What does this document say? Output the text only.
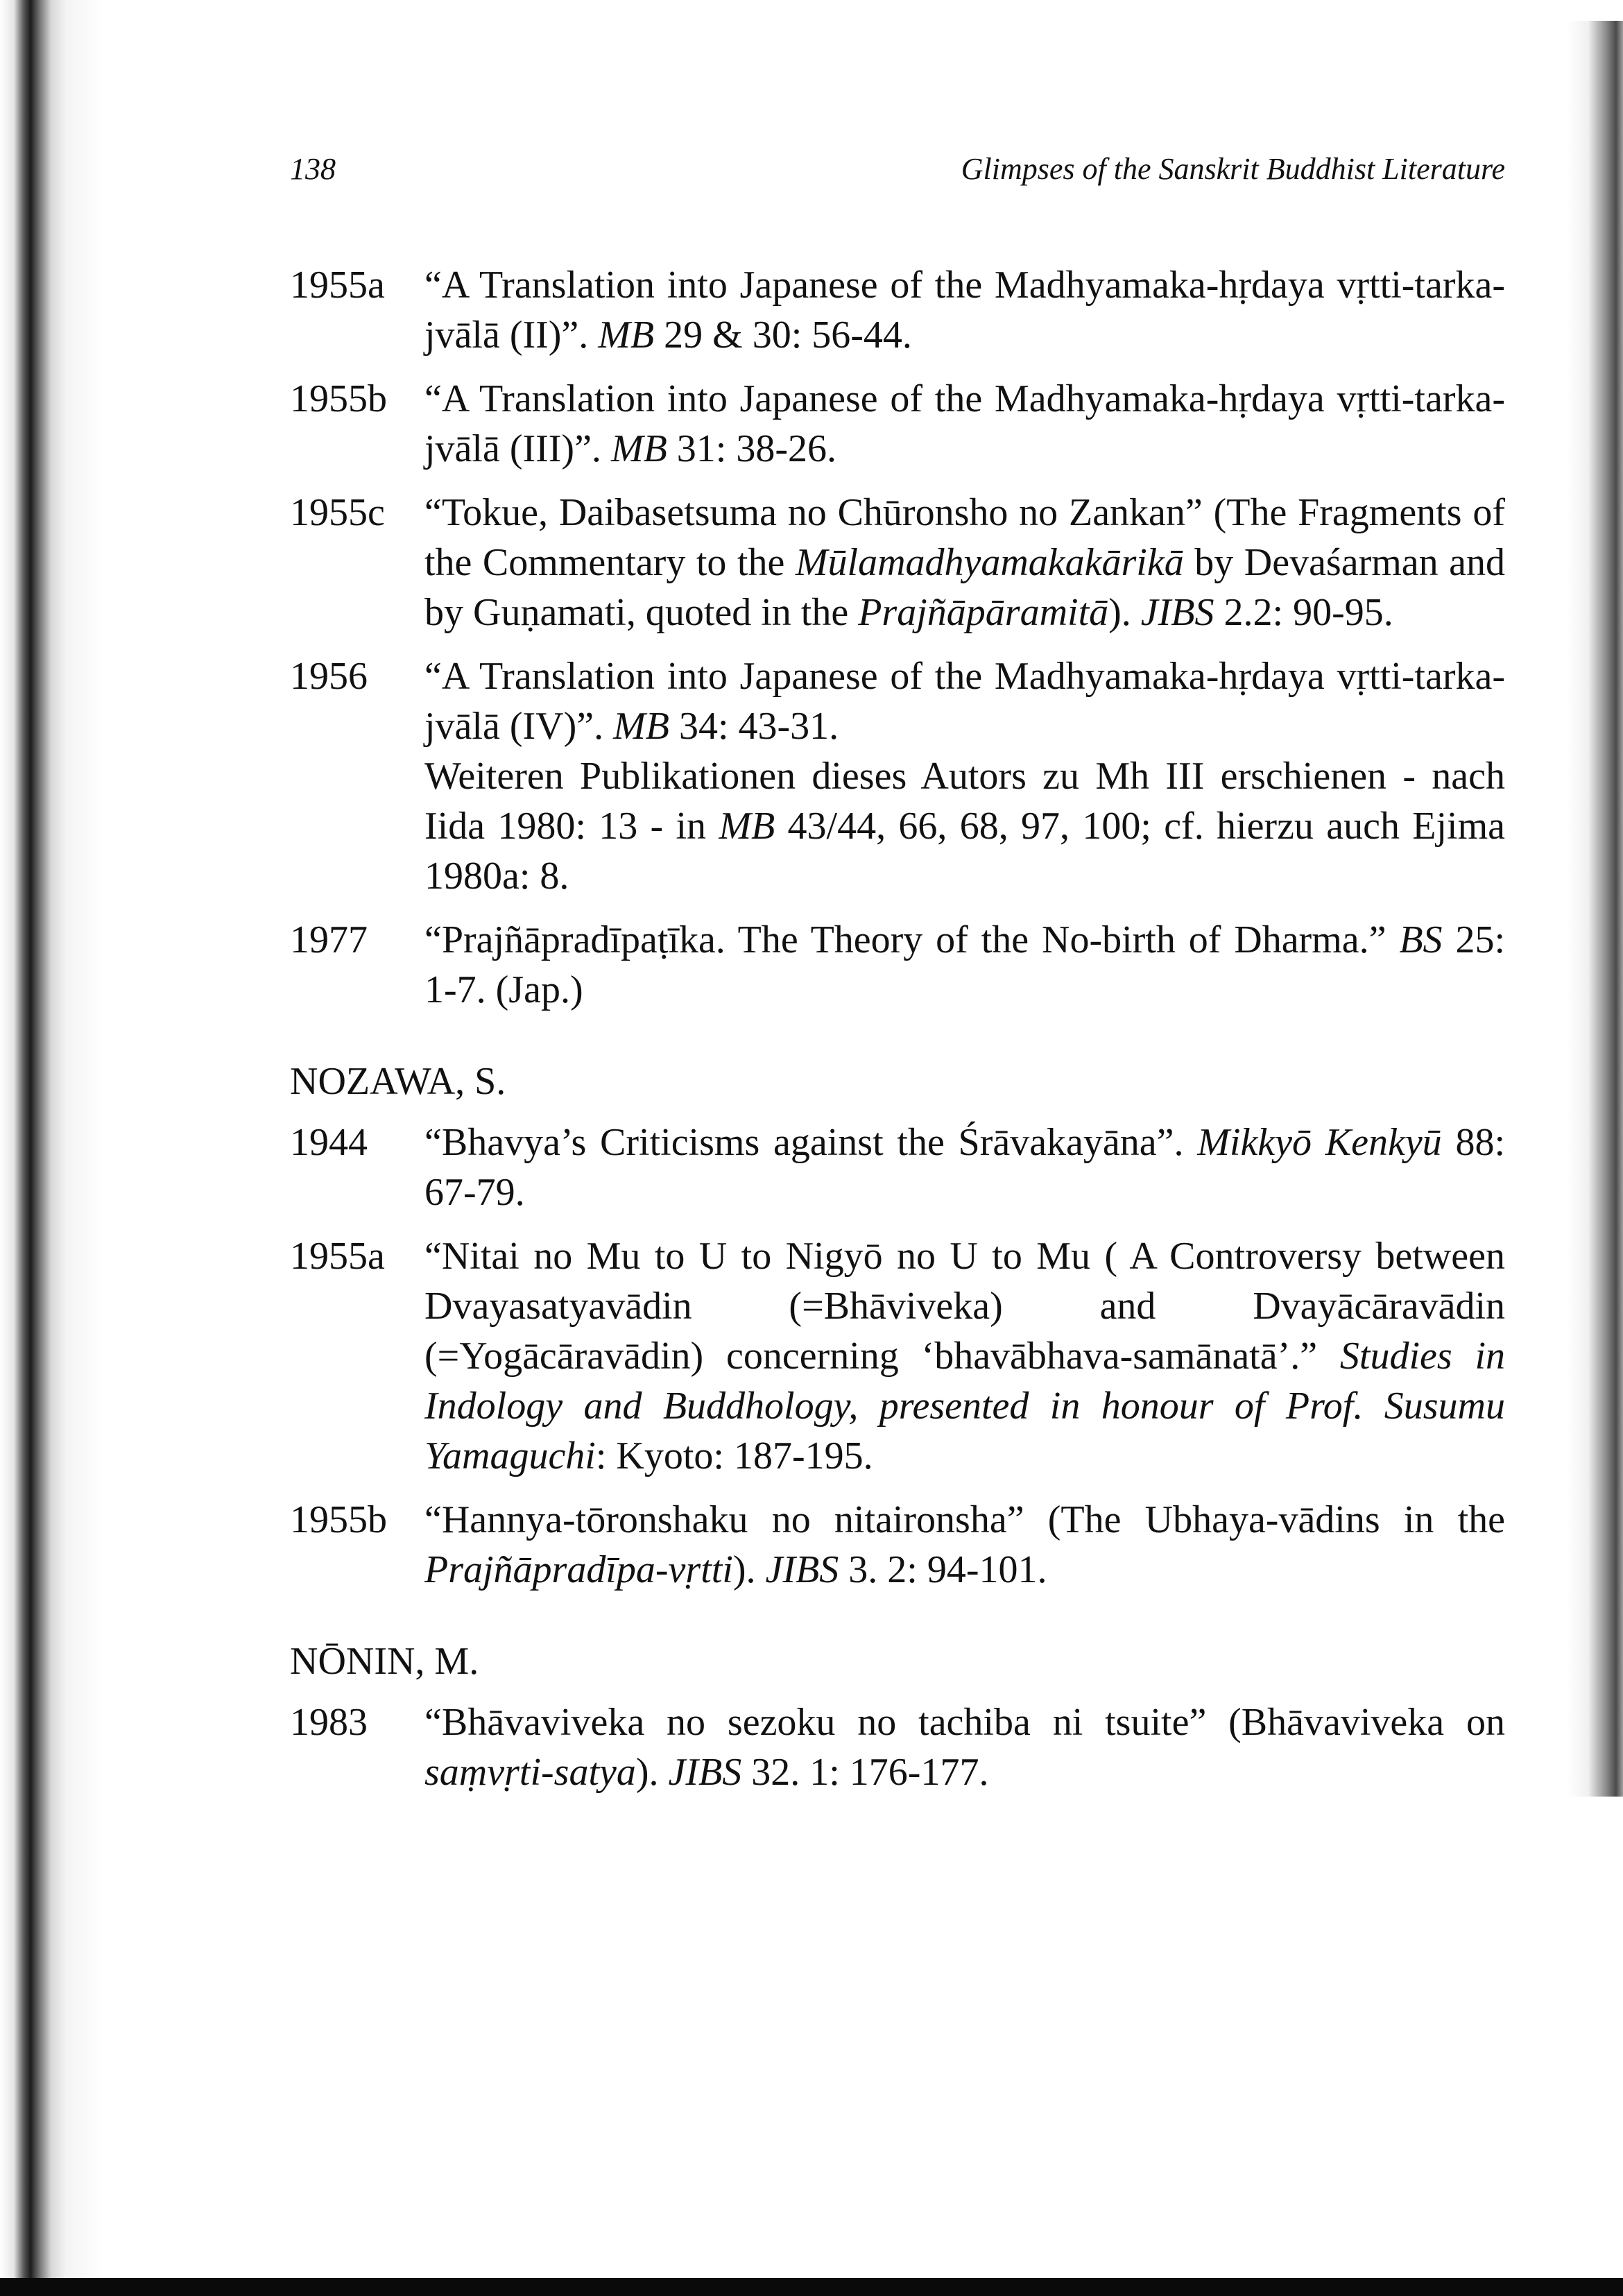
138	Glimpses of the Sanskrit Buddhist Literature
1955a	“A Translation into Japanese of the Madhyamaka-hṛdaya vṛtti-tarka-jvālā (II)”. MB 29 & 30: 56-44.
1955b “A Translation into Japanese of the Madhyamaka-hṛdaya vṛtti-tarka-jvālā (III)”. MB 31: 38-26.
1955c	“Tokue, Daibasetsuma no Chūronsho no Zankan” (The Fragments of the Commentary to the Mūlamadhyamakakārikā by Devaśarman and by Guṇamati, quoted in the Prajñāpāramitā). JIBS 2.2: 90-95.
1956	“A Translation into Japanese of the Madhyamaka-hṛdaya vṛtti-tarka-jvālā (IV)”. MB 34: 43-31.
Weiteren Publikationen dieses Autors zu Mh III erschienen - nach Iida 1980: 13 - in MB 43/44, 66, 68, 97, 100; cf. hierzu auch Ejima 1980a: 8.
1977	“Prajñāpradīpaṭīka. The Theory of the No-birth of Dharma.” BS 25: 1-7. (Jap.)
NOZAWA, S.
1944	“Bhavya’s Criticisms against the Śrāvakayāna”. Mikkyō Kenkyū 88: 67-79.
1955a	“Nitai no Mu to U to Nigyō no U to Mu ( A Controversy between Dvayasatyavādin (=Bhāviveka) and Dvayācāravādin (=Yogācāravādin) concerning ‘bhavābhava-samānatā’.” Studies in Indology and Buddhology, presented in honour of Prof. Susumu Yamaguchi: Kyoto: 187-195.
1955b “Hannya-tōronshaku no nitaironsha” (The Ubhaya-vādins in the Prajñāpradīpa-vṛtti). JIBS 3. 2: 94-101.
NŌNIN, M.
1983	“Bhāvaviveka no sezoku no tachiba ni tsuite” (Bhāvaviveka on saṃvṛti-satya). JIBS 32. 1: 176-177.
